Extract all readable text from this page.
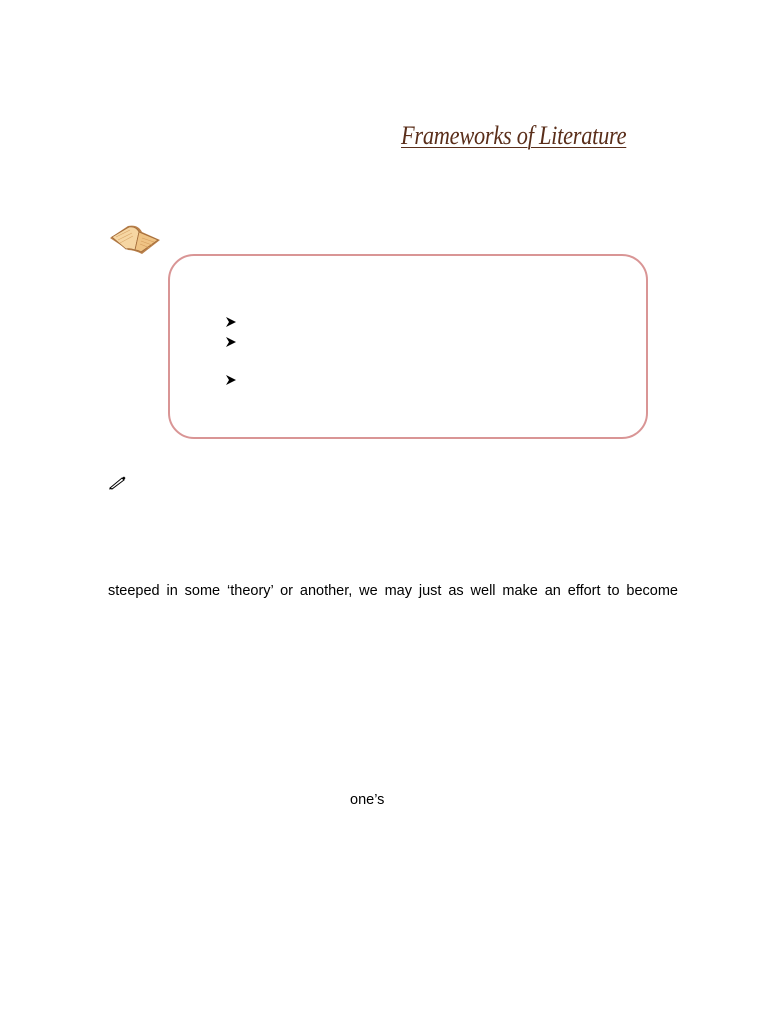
Frameworks of Literature
steeped in some ‘theory’ or another, we may just as well make an effort to become
one’s
